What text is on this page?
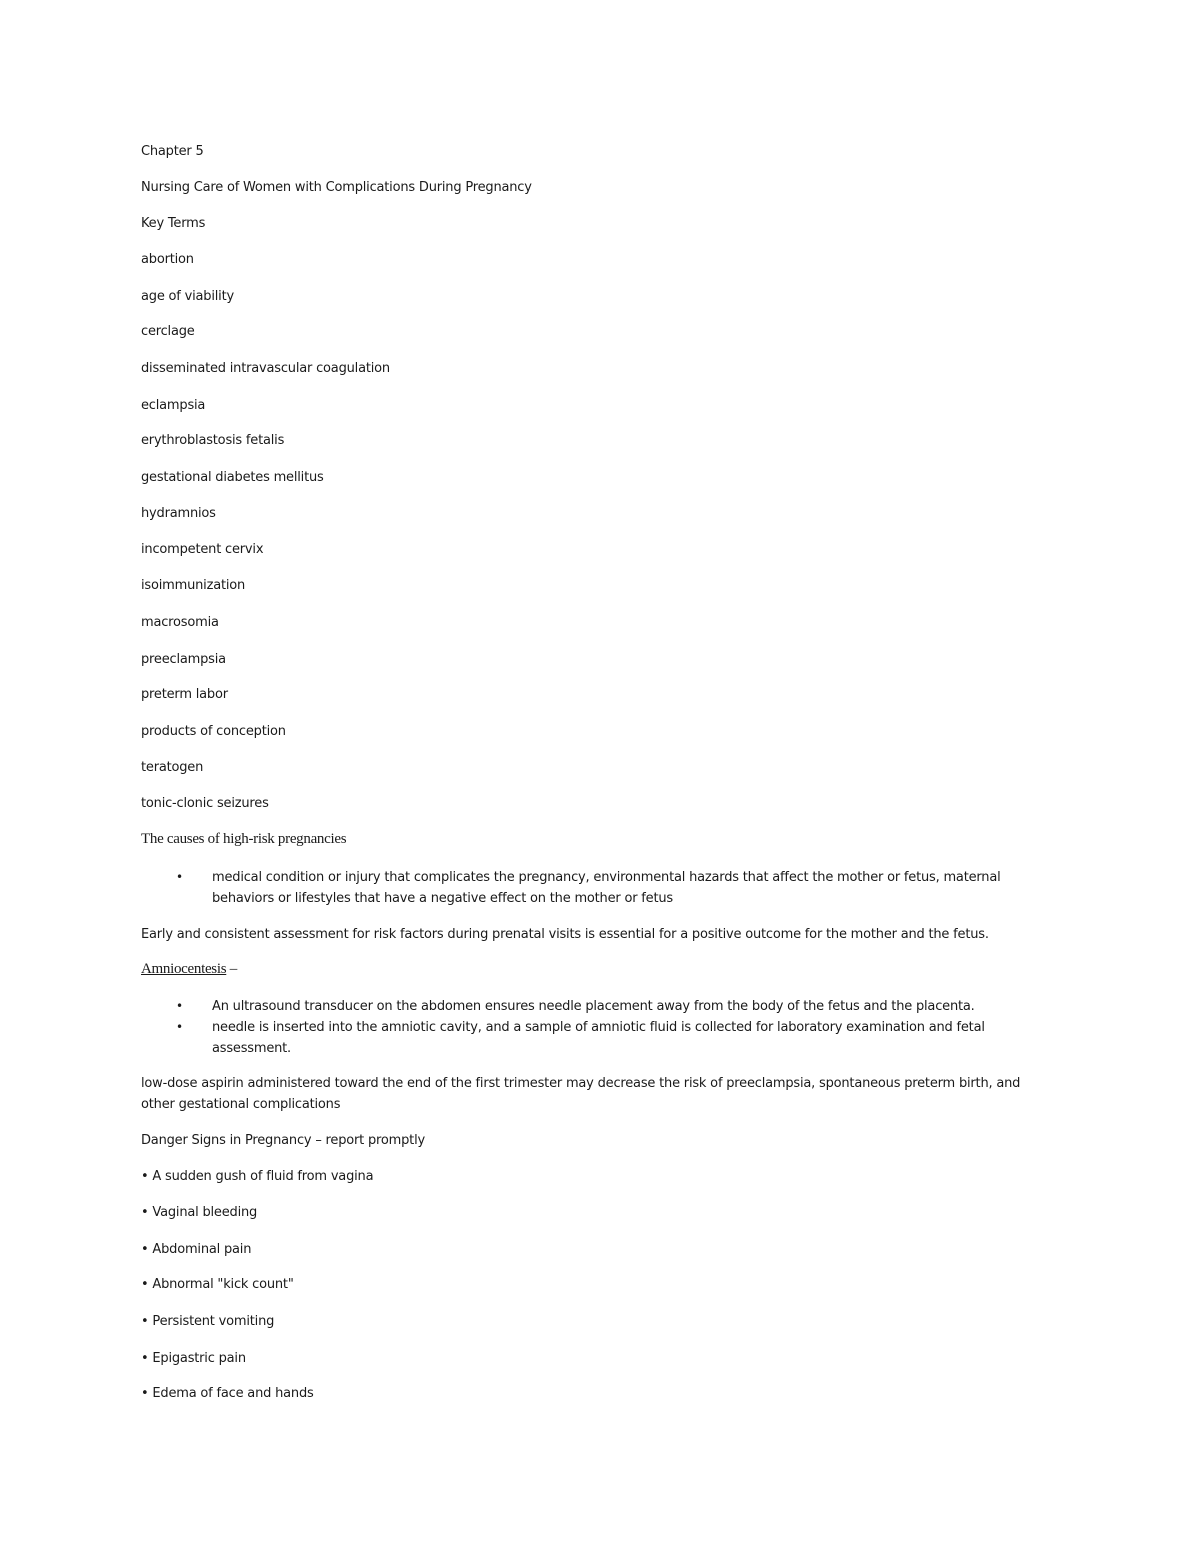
Chapter 5
Nursing Care of Women with Complications During Pregnancy
Key Terms
abortion
age of viability
cerclage
disseminated intravascular coagulation
eclampsia
erythroblastosis fetalis
gestational diabetes mellitus
hydramnios
incompetent cervix
isoimmunization
macrosomia
preeclampsia
preterm labor
products of conception
teratogen
tonic-clonic seizures
The causes of high-risk pregnancies
• medical condition or injury that complicates the pregnancy, environmental hazards that affect the mother or fetus, maternal behaviors or lifestyles that have a negative effect on the mother or fetus
Early and consistent assessment for risk factors during prenatal visits is essential for a positive outcome for the mother and the fetus.
Amniocentesis –
• An ultrasound transducer on the abdomen ensures needle placement away from the body of the fetus and the placenta.
• needle is inserted into the amniotic cavity, and a sample of amniotic fluid is collected for laboratory examination and fetal assessment.
low-dose aspirin administered toward the end of the first trimester may decrease the risk of preeclampsia, spontaneous preterm birth, and other gestational complications
Danger Signs in Pregnancy – report promptly
• A sudden gush of fluid from vagina
• Vaginal bleeding
• Abdominal pain
• Abnormal "kick count"
• Persistent vomiting
• Epigastric pain
• Edema of face and hands
